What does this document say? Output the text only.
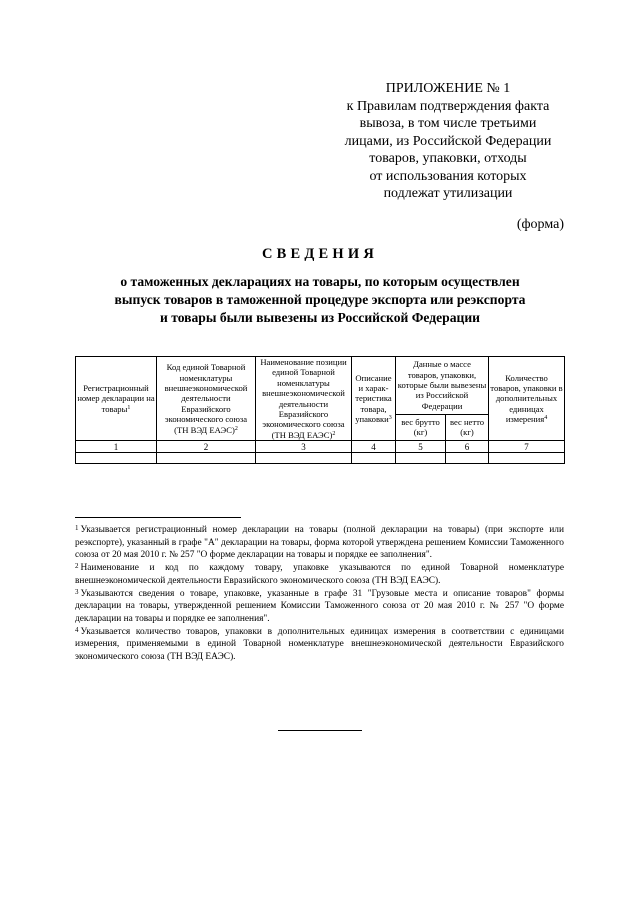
ПРИЛОЖЕНИЕ № 1
к Правилам подтверждения факта
вывоза, в том числе третьими
лицами, из Российской Федерации
товаров, упаковки, отходы
от использования которых
подлежат утилизации
(форма)
СВЕДЕНИЯ
о таможенных декларациях на товары, по которым осуществлен
выпуск товаров в таможенной процедуре экспорта или реэкспорта
и товары были вывезены из Российской Федерации
Регистрационный номер декларации на товары$^1$	Код единой Товарной номенклатуры внешнеэкономической деятельности Евразийского экономического союза (ТН ВЭД ЕАЭС)$^2$	Наименование позиции единой Товарной номенклатуры внешнеэкономической деятельности Евразийского экономического союза (ТН ВЭД ЕАЭС)$^2$	Описание и харак-теристика товара, упаковки$^3$	Данные о массе товаров, упаковки, которые были вывезены из Российской Федерации		Количество товаров, упаковки в дополнительных единицах измерения$^4$
				вес брутто (кг)	вес нетто (кг)	
1	2	3	4	5	6	7

$^1$ Указывается регистрационный номер декларации на товары (полной декларации на товары) (при экспорте или реэкспорте), указанный в графе "А" декларации на товары, форма которой утверждена решением Комиссии Таможенного союза от 20 мая 2010 г. № 257 "О форме декларации на товары и порядке ее заполнения".

$^2$ Наименование и код по каждому товару, упаковке указываются по единой Товарной номенклатуре внешнеэкономической деятельности Евразийского экономического союза (ТН ВЭД ЕАЭС).

$^3$ Указываются сведения о товаре, упаковке, указанные в графе 31 "Грузовые места и описание товаров" формы декларации на товары, утвержденной решением Комиссии Таможенного союза от 20 мая 2010 г. № 257 "О форме декларации на товары и порядке ее заполнения".

$^4$ Указывается количество товаров, упаковки в дополнительных единицах измерения в соответствии с единицами измерения, применяемыми в единой Товарной номенклатуре внешнеэкономической деятельности Евразийского экономического союза (ТН ВЭД ЕАЭС).
